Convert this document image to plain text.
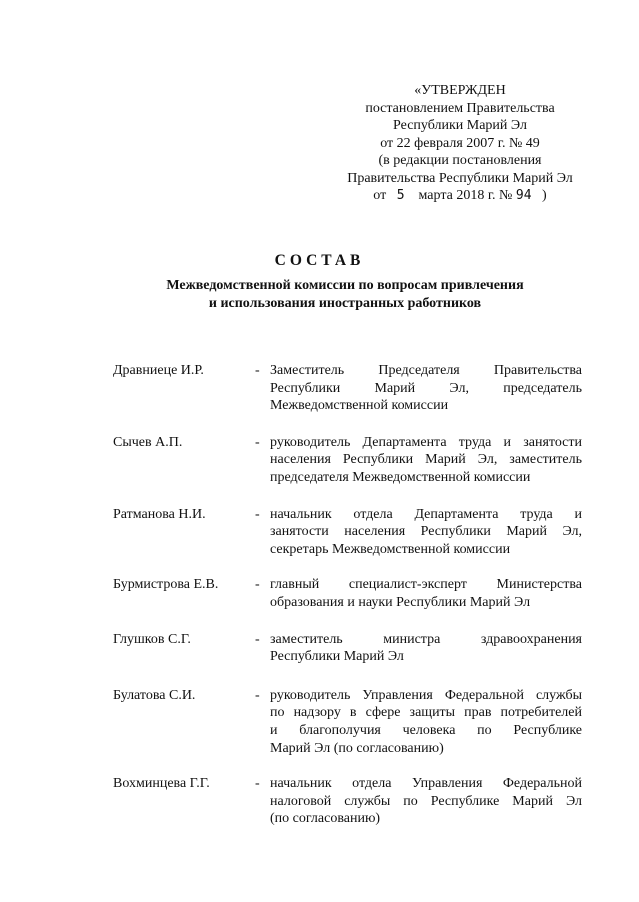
«УТВЕРЖДЕН
постановлением Правительства
Республики Марий Эл
от 22 февраля 2007 г. № 49
(в редакции постановления
Правительства Республики Марий Эл
от 5 марта 2018 г. № 94 )
СОСТАВ
Межведомственной комиссии по вопросам привлечения
и использования иностранных работников
Дравниеце И.Р.	- Заместитель Председателя Правительства
Республики Марий Эл, председатель
Межведомственной комиссии
Сычев А.П.	- руководитель Департамента труда и занятости
населения Республики Марий Эл, заместитель
председателя Межведомственной комиссии
Ратманова Н.И.	- начальник отдела Департамента труда и
занятости населения Республики Марий Эл,
секретарь Межведомственной комиссии
Бурмистрова Е.В.	- главный специалист-эксперт Министерства
образования и науки Республики Марий Эл
Глушков С.Г.	- заместитель министра здравоохранения
Республики Марий Эл
Булатова С.И.	- руководитель Управления Федеральной службы
по надзору в сфере защиты прав потребителей
и благополучия человека по Республике
Марий Эл (по согласованию)
Вохминцева Г.Г.	- начальник отдела Управления Федеральной
налоговой службы по Республике Марий Эл
(по согласованию)
